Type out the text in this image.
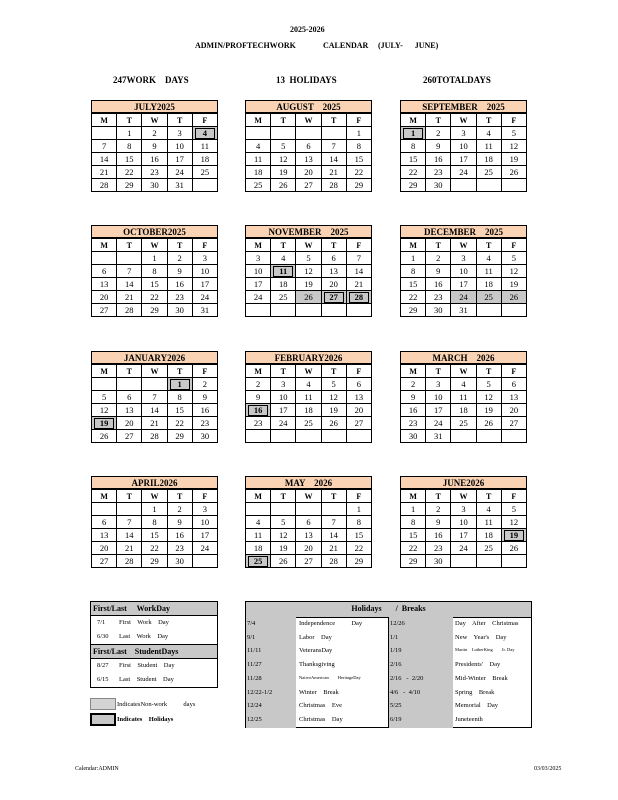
2025-2026
ADMIN/PROFTECHWORK	CALENDAR (JULY-      JUNE)
247WORK    DAYS	13  HOLIDAYS	260TOTALDAYS
JULY2025
M	T	W	T	F
	1	2	3	4

7	8	9	10	11
14	15	16	17	18
21	22	23	24	25
28	29	30	31	
AUGUST    2025
M	T	W	T	F
				1
4	5	6	7	8
11	12	13	14	15
18	19	20	21	22
25	26	27	28	29
SEPTEMBER    2025
M	T	W	T	F

1	2	3	4	5
8	9	10	11	12
15	16	17	18	19
22	23	24	25	26
29	30			
OCTOBER2025
M	T	W	T	F
		1	2	3
6	7	8	9	10
13	14	15	16	17
20	21	22	23	24
27	28	29	30	31
NOVEMBER    2025
M	T	W	T	F
3	4	5	6	7
10	11	12	13	14
17	18	19	20	21
24	25	26	27	28

DECEMBER    2025
M	T	W	T	F
1	2	3	4	5
8	9	10	11	12
15	16	17	18	19
22	23	24	25	26
29	30	31		
JANUARY2026
M	T	W	T	F

			1	2
5	6	7	8	9
12	13	14	15	16

19	20	21	22	23
26	27	28	29	30
FEBRUARY2026
M	T	W	T	F
2	3	4	5	6
9	10	11	12	13

16	17	18	19	20
23	24	25	26	27

MARCH    2026
M	T	W	T	F
2	3	4	5	6
9	10	11	12	13
16	17	18	19	20
23	24	25	26	27
30	31			
APRIL2026
M	T	W	T	F
		1	2	3
6	7	8	9	10
13	14	15	16	17
20	21	22	23	24
27	28	29	30	
MAY    2026
M	T	W	T	F
				1
4	5	6	7	8
11	12	13	14	15
18	19	20	21	22

25	26	27	28	29
JUNE2026
M	T	W	T	F
1	2	3	4	5
8	9	10	11	12
15	16	17	18	19

22	23	24	25	26
29	30			
First/Last     WorkDay
7/1 First    Work    Day
6/30 Last    Work    Day
First/Last    StudentDays
8/27 First    Student    Day
6/15 Last    Student    Day
IndicatesNon-work          days
Indicates    Holidays
Holidays       /  Breaks
7/4	Independence          Day
9/1	Labor    Day
11/11	VeteransDay
11/27	Thanksgiving
11/28	NativeAmerican        HeritageDay
12/22-1/2	Winter    Break
12/24	Christmas    Eve
12/25	Christmas    Day
12/26	Day    After    Christmas
1/1	New    Year's    Day
1/19	Martin    LutherKing        Jr. Day
2/16	Presidents'    Day
2/16   -  2/20	Mid-Winter    Break
4/6   -  4/10	Spring    Break
5/25	Memorial    Day
6/19	Juneteenth
Calendar:ADMIN	03/03/2025
